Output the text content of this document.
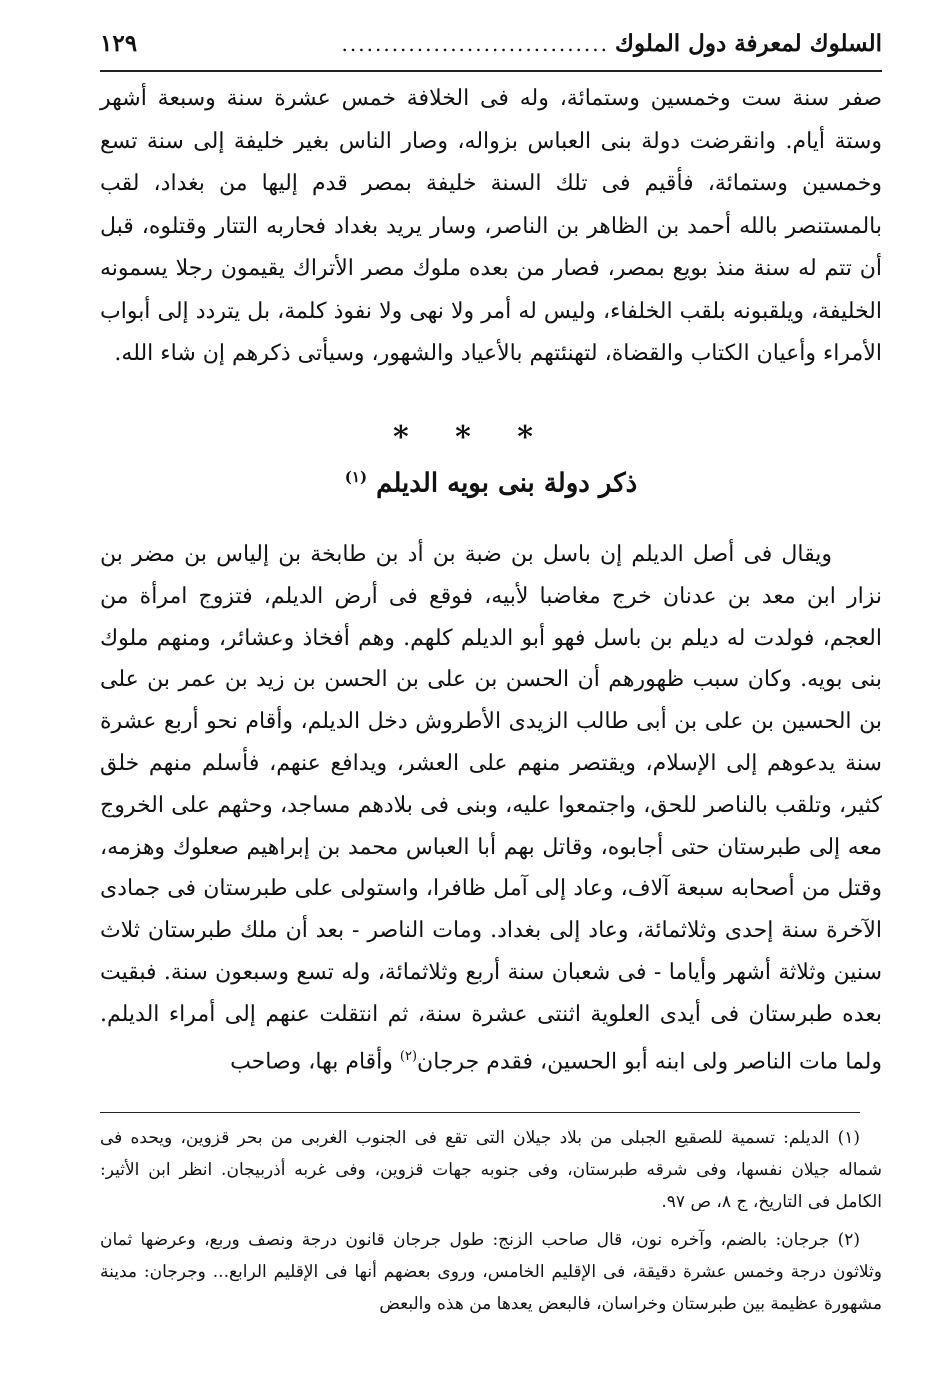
السلوك لمعرفة دول الملوك
................................
١٢٩
صفر سنة ست وخمسين وستمائة، وله فى الخلافة خمس عشرة سنة وسبعة أشهر وستة أيام. وانقرضت دولة بنى العباس بزواله، وصار الناس بغير خليفة إلى سنة تسع وخمسين وستمائة، فأقيم فى تلك السنة خليفة بمصر قدم إليها من بغداد، لقب بالمستنصر بالله أحمد بن الظاهر بن الناصر، وسار يريد بغداد فحاربه التتار وقتلوه، قبل أن تتم له سنة منذ بويع بمصر، فصار من بعده ملوك مصر الأتراك يقيمون رجلا يسمونه الخليفة، ويلقبونه بلقب الخلفاء، وليس له أمر ولا نهى ولا نفوذ كلمة، بل يتردد إلى أبواب الأمراء وأعيان الكتاب والقضاة، لتهنئتهم بالأعياد والشهور، وسيأتى ذكرهم إن شاء الله.
* * *
ذكر دولة بنى بويه الديلم $^{(١)}$
ويقال فى أصل الديلم إن باسل بن ضبة بن أد بن طابخة بن إلياس بن مضر بن نزار ابن معد بن عدنان خرج مغاضبا لأبيه، فوقع فى أرض الديلم، فتزوج امرأة من العجم، فولدت له ديلم بن باسل فهو أبو الديلم كلهم. وهم أفخاذ وعشائر، ومنهم ملوك بنى بويه. وكان سبب ظهورهم أن الحسن بن على بن الحسن بن زيد بن عمر بن على بن الحسين بن على بن أبى طالب الزيدى الأطروش دخل الديلم، وأقام نحو أربع عشرة سنة يدعوهم إلى الإسلام، ويقتصر منهم على العشر، ويدافع عنهم، فأسلم منهم خلق كثير، وتلقب بالناصر للحق، واجتمعوا عليه، وبنى فى بلادهم مساجد، وحثهم على الخروج معه إلى طبرستان حتى أجابوه، وقاتل بهم أبا العباس محمد بن إبراهيم صعلوك وهزمه، وقتل من أصحابه سبعة آلاف، وعاد إلى آمل ظافرا، واستولى على طبرستان فى جمادى الآخرة سنة إحدى وثلاثمائة، وعاد إلى بغداد. ومات الناصر - بعد أن ملك طبرستان ثلاث سنين وثلاثة أشهر وأياما - فى شعبان سنة أربع وثلاثمائة، وله تسع وسبعون سنة. فبقيت بعده طبرستان فى أيدى العلوية اثنتى عشرة سنة، ثم انتقلت عنهم إلى أمراء الديلم. ولما مات الناصر ولى ابنه أبو الحسين، فقدم جرجان$^{(٢)}$ وأقام بها، وصاحب

(١) الديلم: تسمية للصقيع الجبلى من بلاد جيلان التى تقع فى الجنوب الغربى من بحر قزوين، ويحده فى شماله جيلان نفسها، وفى شرقه طبرستان، وفى جنوبه جهات قزوين، وفى غربه أذربيجان. انظر ابن الأثير: الكامل فى التاريخ، ج ٨، ص ٩٧.

(٢) جرجان: بالضم، وآخره نون، قال صاحب الزنج: طول جرجان قانون درجة ونصف وربع، وعرضها ثمان وثلاثون درجة وخمس عشرة دقيقة، فى الإقليم الخامس، وروى بعضهم أنها فى الإقليم الرابع... وجرجان: مدينة مشهورة عظيمة بين طبرستان وخراسان، فالبعض يعدها من هذه والبعض
